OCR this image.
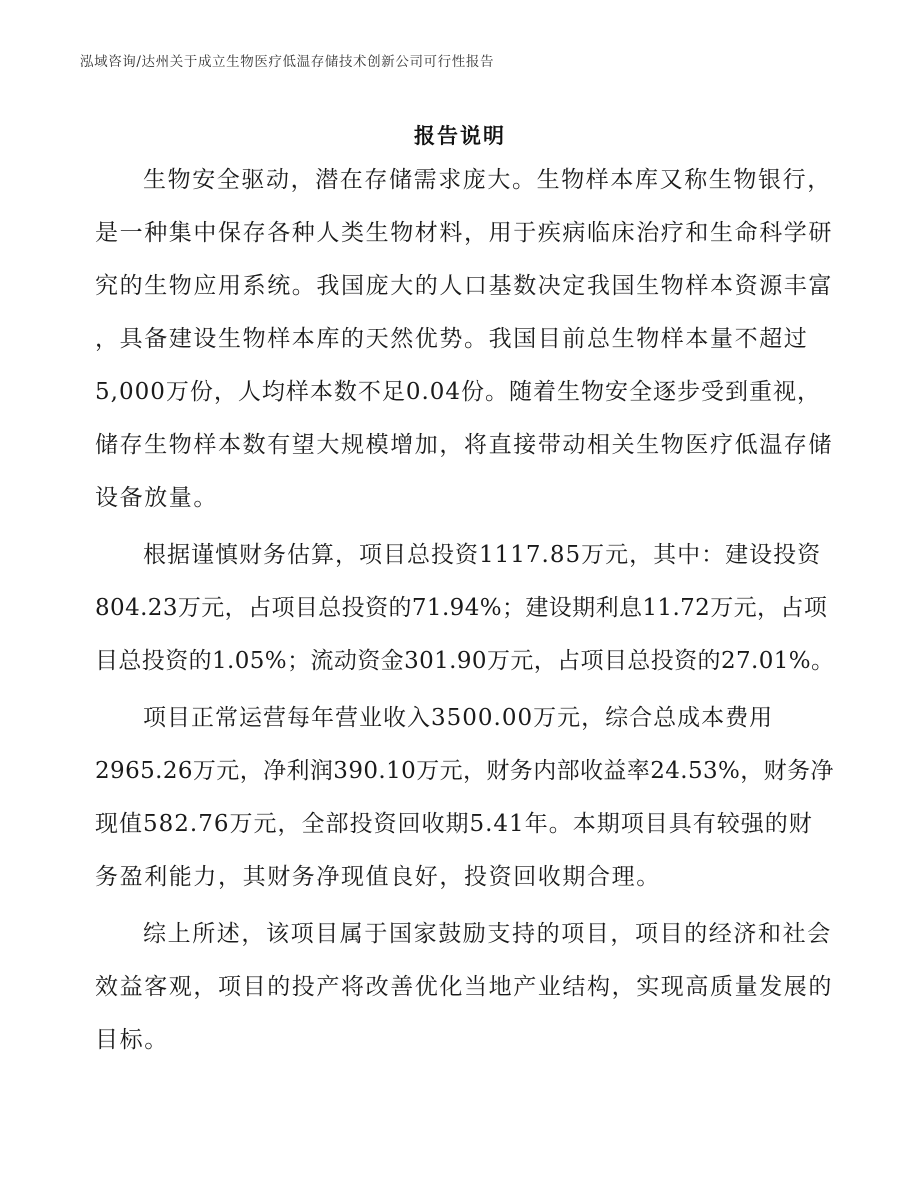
泓域咨询/达州关于成立生物医疗低温存储技术创新公司可行性报告
报告说明
生物安全驱动，潜在存储需求庞大。生物样本库又称生物银行，
是一种集中保存各种人类生物材料，用于疾病临床治疗和生命科学研
究的生物应用系统。我国庞大的人口基数决定我国生物样本资源丰富
，具备建设生物样本库的天然优势。我国目前总生物样本量不超过
5,000万份，人均样本数不足0.04份。随着生物安全逐步受到重视，
储存生物样本数有望大规模增加，将直接带动相关生物医疗低温存储
设备放量。
根据谨慎财务估算，项目总投资1117.85万元，其中：建设投资
804.23万元，占项目总投资的71.94%；建设期利息11.72万元，占项
目总投资的1.05%；流动资金301.90万元，占项目总投资的27.01%。
项目正常运营每年营业收入3500.00万元，综合总成本费用
2965.26万元，净利润390.10万元，财务内部收益率24.53%，财务净
现值582.76万元，全部投资回收期5.41年。本期项目具有较强的财
务盈利能力，其财务净现值良好，投资回收期合理。
综上所述，该项目属于国家鼓励支持的项目，项目的经济和社会
效益客观，项目的投产将改善优化当地产业结构，实现高质量发展的
目标。
